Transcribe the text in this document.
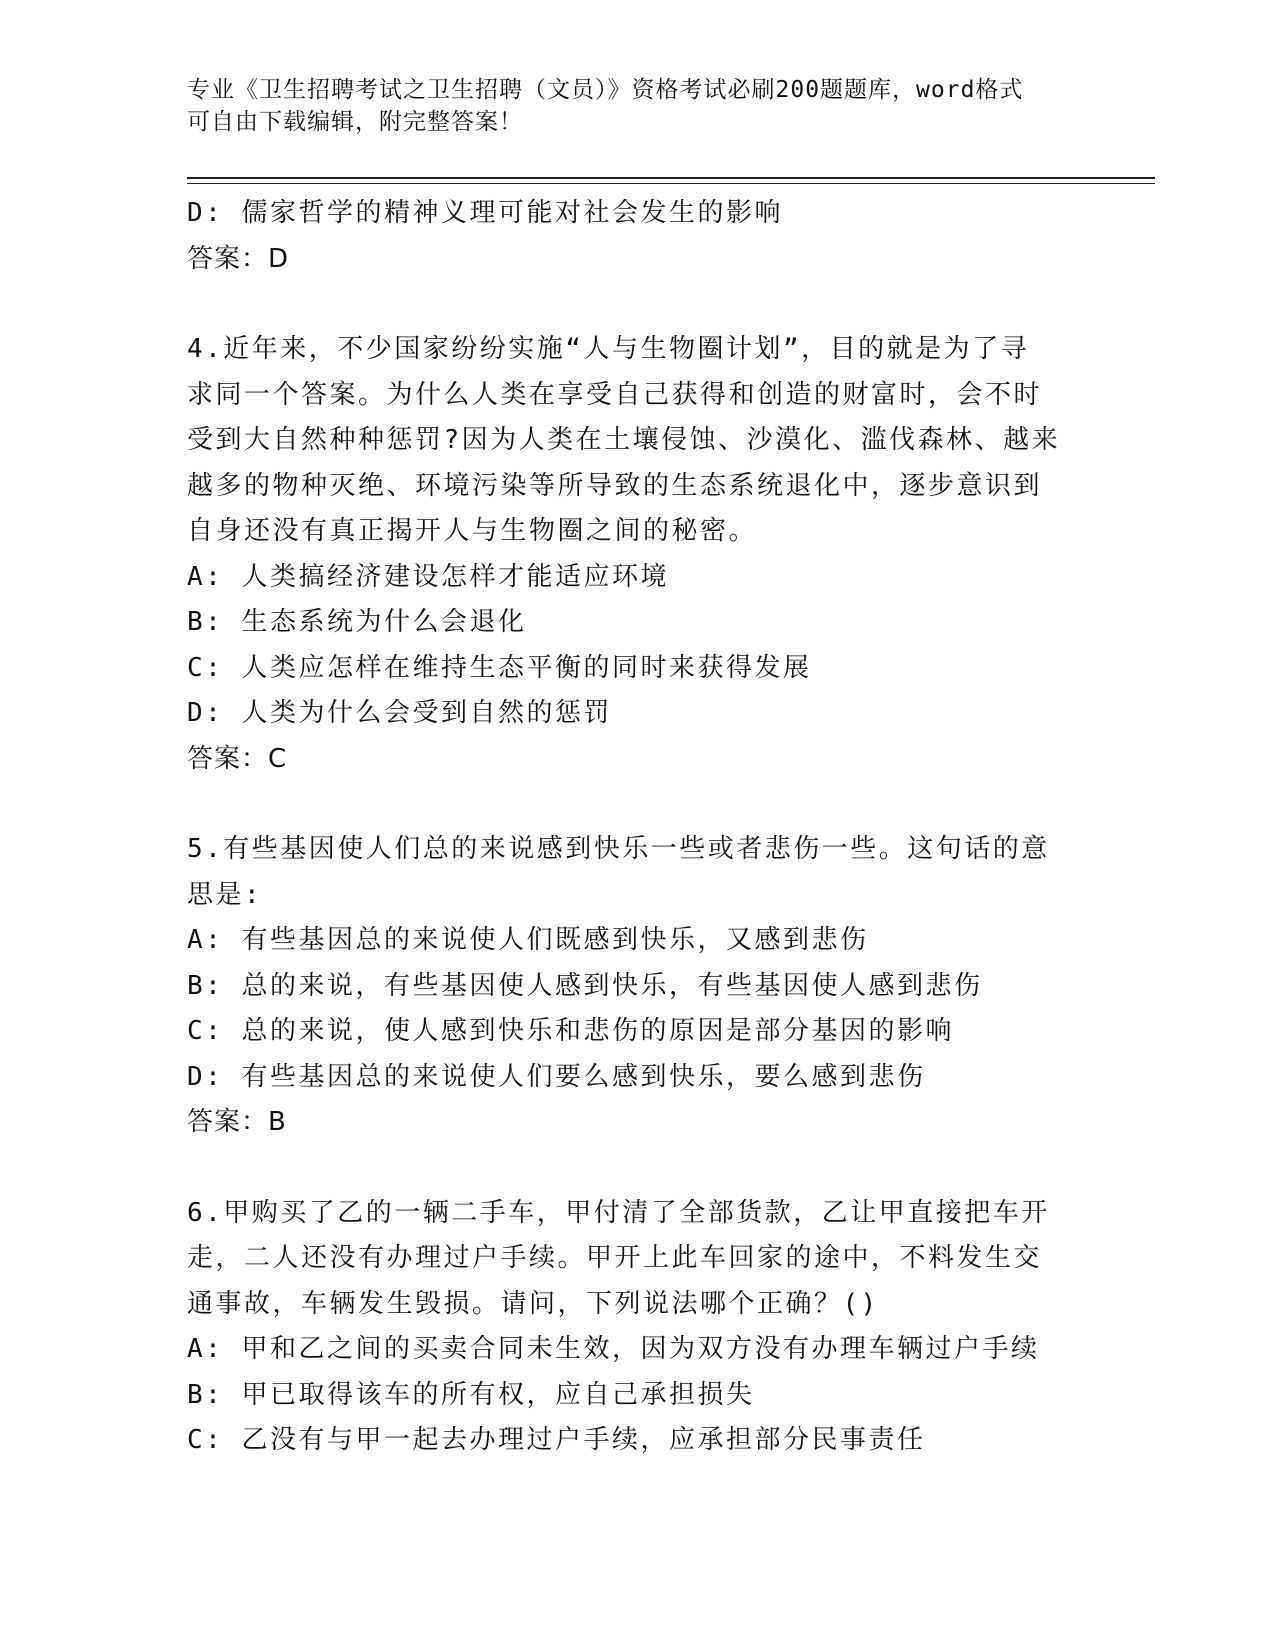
专业《卫生招聘考试之卫生招聘（文员）》资格考试必刷200题题库，word格式
可自由下载编辑，附完整答案！
D: 儒家哲学的精神义理可能对社会发生的影响
答案：D
4.近年来，不少国家纷纷实施“人与生物圈计划”，目的就是为了寻
求同一个答案。为什么人类在享受自己获得和创造的财富时，会不时
受到大自然种种惩罚?因为人类在土壤侵蚀、沙漠化、滥伐森林、越来
越多的物种灭绝、环境污染等所导致的生态系统退化中，逐步意识到
自身还没有真正揭开人与生物圈之间的秘密。
A: 人类搞经济建设怎样才能适应环境
B: 生态系统为什么会退化
C: 人类应怎样在维持生态平衡的同时来获得发展
D: 人类为什么会受到自然的惩罚
答案：C
5.有些基因使人们总的来说感到快乐一些或者悲伤一些。这句话的意
思是:
A: 有些基因总的来说使人们既感到快乐，又感到悲伤
B: 总的来说，有些基因使人感到快乐，有些基因使人感到悲伤
C: 总的来说，使人感到快乐和悲伤的原因是部分基因的影响
D: 有些基因总的来说使人们要么感到快乐，要么感到悲伤
答案：B
6.甲购买了乙的一辆二手车，甲付清了全部货款，乙让甲直接把车开
走，二人还没有办理过户手续。甲开上此车回家的途中，不料发生交
通事故，车辆发生毁损。请问，下列说法哪个正确？()
A: 甲和乙之间的买卖合同未生效，因为双方没有办理车辆过户手续
B: 甲已取得该车的所有权，应自己承担损失
C: 乙没有与甲一起去办理过户手续，应承担部分民事责任
